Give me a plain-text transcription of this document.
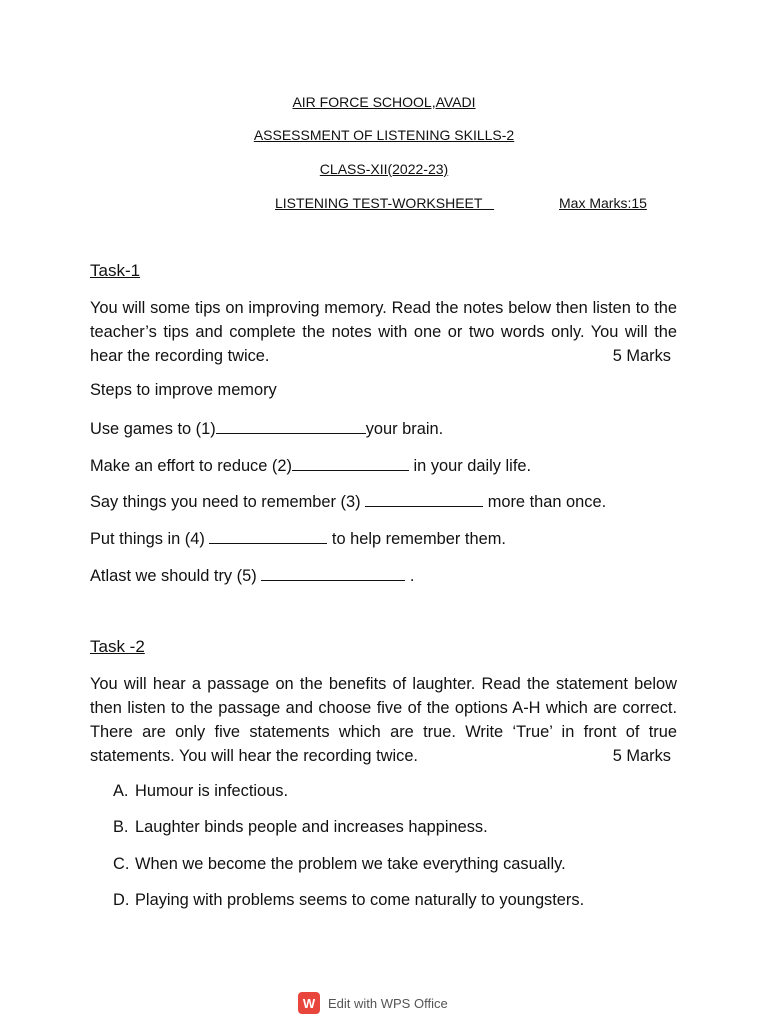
AIR FORCE SCHOOL,AVADI
ASSESSMENT OF LISTENING SKILLS-2
CLASS-XII(2022-23)
LISTENING TEST-WORKSHEET	Max Marks:15
Task-1
You will some tips on improving memory. Read the notes below then listen to the teacher’s tips and complete the notes with one or two words only. You will the hear the recording twice.	5 Marks
Steps to improve memory
Use games to (1)	your brain.
Make an effort to reduce (2)	in your daily life.
Say things you need to remember (3)	more than once.
Put things in (4)	to help remember them.
Atlast we should try (5)	.
Task -2
You will hear a passage on the benefits of laughter. Read the statement below then listen to the passage and choose five of the options A-H which are correct. There are only five statements which are true. Write ‘True’ in front of true statements. You will hear the recording twice.	5 Marks
A. Humour is infectious.
B. Laughter binds people and increases happiness.
C. When we become the problem we take everything casually.
D. Playing with problems seems to come naturally to youngsters.
W Edit with WPS Office
